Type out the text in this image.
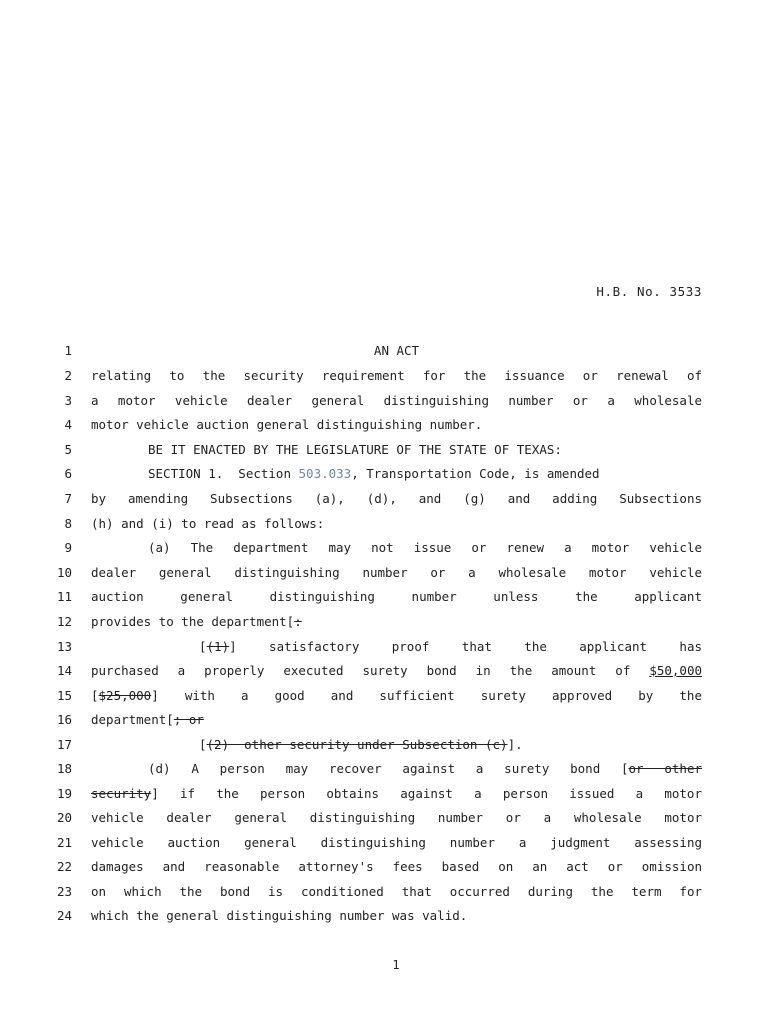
H.B. No. 3533
1	AN ACT
2 relating to the security requirement for the issuance or renewal of
3 a motor vehicle dealer general distinguishing number or a wholesale
4 motor vehicle auction general distinguishing number.
5	BE IT ENACTED BY THE LEGISLATURE OF THE STATE OF TEXAS:
6	SECTION 1.  Section 503.033, Transportation Code, is amended
7 by amending Subsections (a), (d), and (g) and adding Subsections
8 (h) and (i) to read as follows:
9	(a) The department may not issue or renew a motor vehicle
10 dealer general distinguishing number or a wholesale motor vehicle
11 auction general distinguishing number unless the applicant
12 provides to the department[:
13	[(1)] satisfactory proof that the applicant has
14 purchased a properly executed surety bond in the amount of $50,000
15 [$25,000] with a good and sufficient surety approved by the
16 department[; or
17	[(2)  other security under Subsection (c)].
18	(d) A person may recover against a surety bond [or other
19 security] if the person obtains against a person issued a motor
20 vehicle dealer general distinguishing number or a wholesale motor
21 vehicle auction general distinguishing number a judgment assessing
22 damages and reasonable attorney's fees based on an act or omission
23 on which the bond is conditioned that occurred during the term for
24 which the general distinguishing number was valid.
1
